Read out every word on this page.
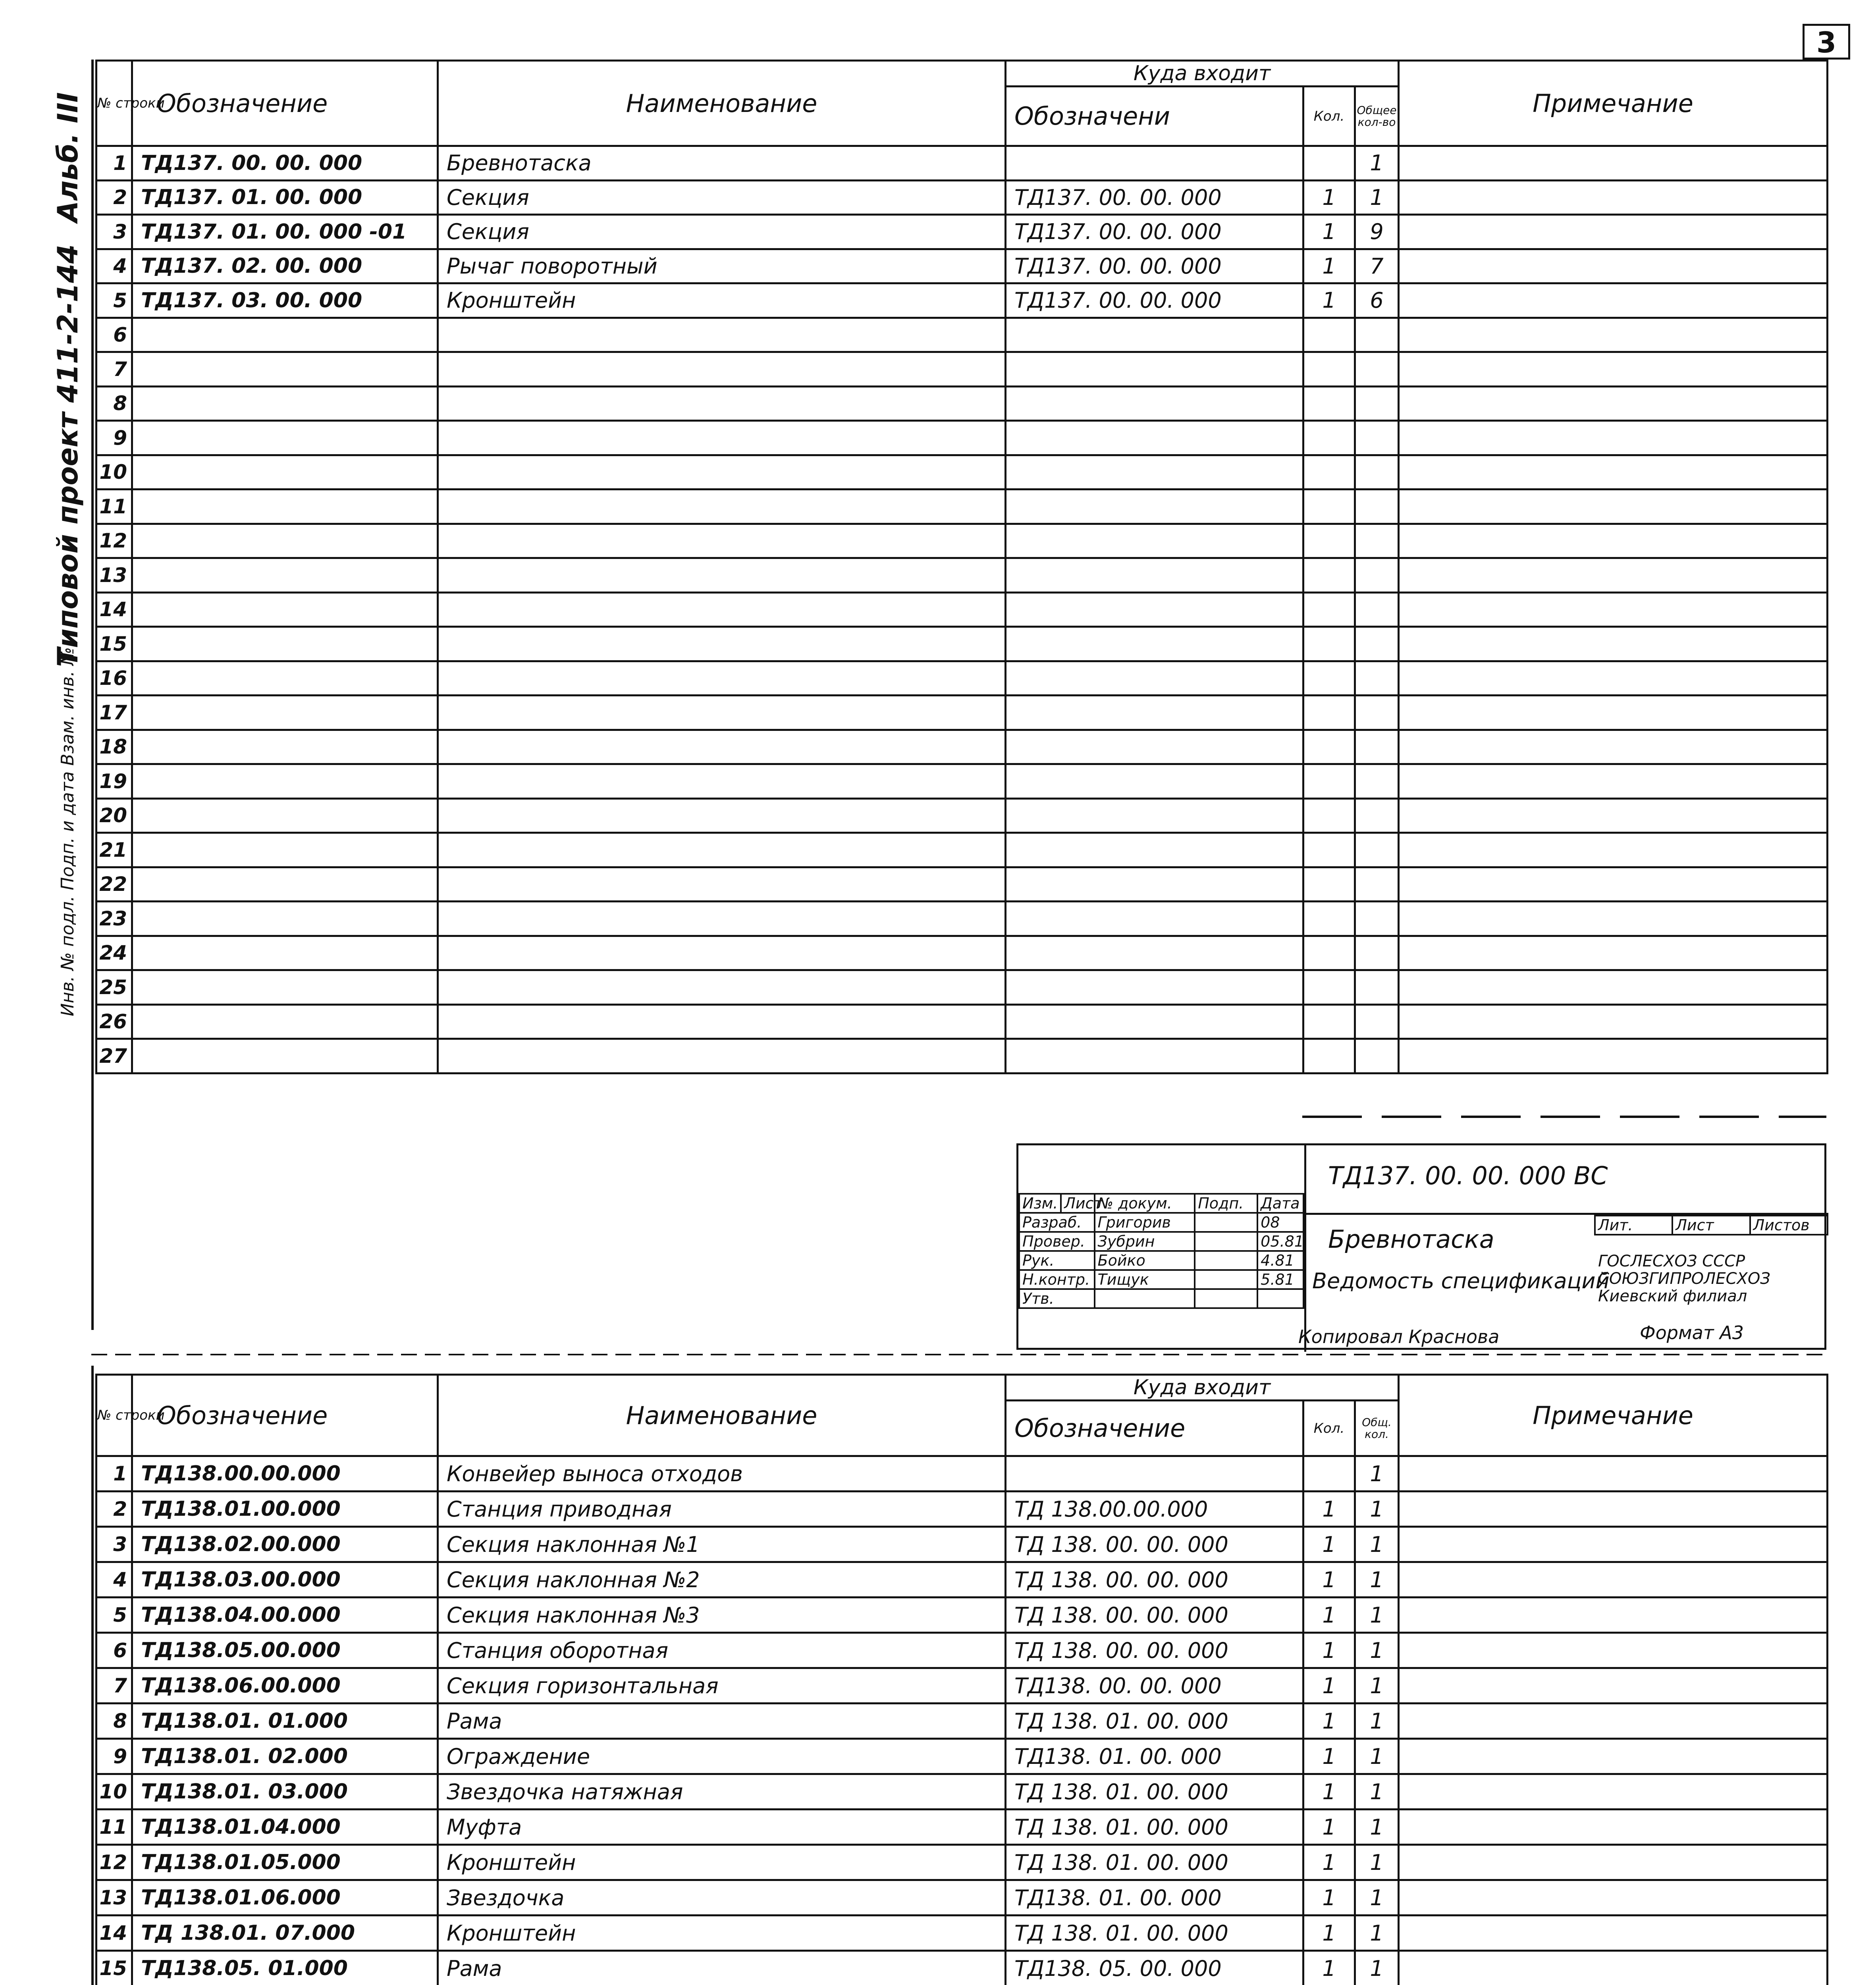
3
Альб. III
Типовой проект 411-2-144
Инв. № подл. Подп. и дата Взам. инв. №
№ строки	Обозначение	Наименование	Куда входит			Примечание
			Обозначени	Кол.	Общее кол-во	
1	ТД137. 00. 00. 000	Бревнотаска			1	
2	ТД137. 01. 00. 000	Секция	ТД137. 00. 00. 000	1	1	
3	ТД137. 01. 00. 000 -01	Секция	ТД137. 00. 00. 000	1	9	
4	ТД137. 02. 00. 000	Рычаг поворотный	ТД137. 00. 00. 000	1	7	
5	ТД137. 03. 00. 000	Кронштейн	ТД137. 00. 00. 000	1	6	
6						
7						
8						
9						
10						
11						
12						
13						
14						
15						
16						
17						
18						
19						
20						
21						
22						
23						
24						
25						
26						
27						
Изм.	Лист	№ докум.	Подп.	Дата
Разраб.		Григорив		08
Провер.		Зубрин		05.81
Рук.		Бойко		4.81
Н.контр.		Тищук		5.81
Утв.				
ТД137. 00. 00. 000 ВС
Бревнотаска
Ведомость спецификаций
Лит.	Лист	Листов
ГОСЛЕСХОЗ СССР СОЮЗГИПРОЛЕСХОЗ Киевский филиал
Копировал Краснова	Формат А3
№ строки	Обозначение	Наименование	Куда входит			Примечание
			Обозначение	Кол.	Общ. кол.	
1	ТД138.00.00.000	Конвейер выноса отходов			1	
2	ТД138.01.00.000	Станция приводная	ТД 138.00.00.000	1	1	
3	ТД138.02.00.000	Секция наклонная №1	ТД 138. 00. 00. 000	1	1	
4	ТД138.03.00.000	Секция наклонная №2	ТД 138. 00. 00. 000	1	1	
5	ТД138.04.00.000	Секция наклонная №3	ТД 138. 00. 00. 000	1	1	
6	ТД138.05.00.000	Станция оборотная	ТД 138. 00. 00. 000	1	1	
7	ТД138.06.00.000	Секция горизонтальная	ТД138. 00. 00. 000	1	1	
8	ТД138.01. 01.000	Рама	ТД 138. 01. 00. 000	1	1	
9	ТД138.01. 02.000	Ограждение	ТД138. 01. 00. 000	1	1	
10	ТД138.01. 03.000	Звездочка натяжная	ТД 138. 01. 00. 000	1	1	
11	ТД138.01.04.000	Муфта	ТД 138. 01. 00. 000	1	1	
12	ТД138.01.05.000	Кронштейн	ТД 138. 01. 00. 000	1	1	
13	ТД138.01.06.000	Звездочка	ТД138. 01. 00. 000	1	1	
14	ТД 138.01. 07.000	Кронштейн	ТД 138. 01. 00. 000	1	1	
15	ТД138.05. 01.000	Рама	ТД138. 05. 00. 000	1	1	
